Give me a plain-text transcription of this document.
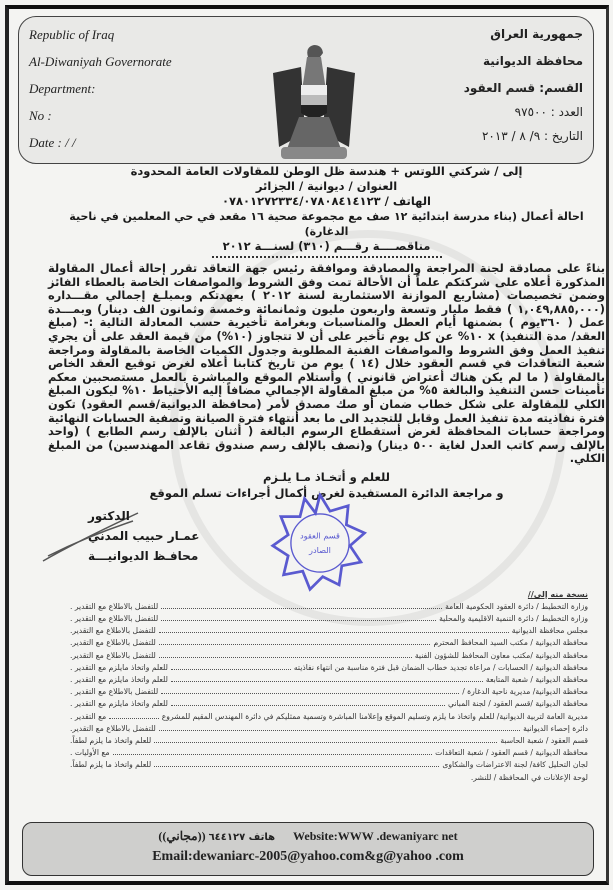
Republic of Iraq
Al-Diwaniyah Governorate
Department:
No :
Date : / /
جمهورية العراق
محافظة الديوانية
القسم: قسم العقود
العدد : ٩٧٥٠٠
التاريخ : ٩/ ٨ / ٢٠١٣
إلى / شركتي اللوتس + هندسة ظل الوطن للمقاولات العامة المحدودة
العنوان / ديوانية / الجزائر
الهاتف / ٠٧٨٠١٢٧٢٣٣٤/٠٧٨٠٨٤١٤١٢٣
احالة أعمال (بناء مدرسة ابتدائية ١٢ صف مع مجموعة صحية ١٦ مقعد في حي المعلمين في ناحية الدغارة)
مناقصــــة رقـــم (٣١٠) لسنـــة ٢٠١٢
بناءً على مصادقة لجنة المراجعة والمصادقة وموافقة رئيس جهة التعاقد تقرر إحالة أعمال المقاولة المذكورة أعلاه على شركتكم علماً أن الأحالة تمت وفق الشروط والمواصفات الخاصة بالعطاء الفائز وضمن تخصيصات (مشاريع الموازنة الاستثمارية لسنة ٢٠١٢ ) بعهدتكم وبمبلـغ إجمالي مقـــداره (١,٠٤٩,٨٨٥,٠٠٠ ) فقط مليار وتسعة واربعون مليون وثمانمائة وخمسة وثمانون الف دينار) وبمـــدة عمل ( ٣٦٠يوم ) بضمنها أيام العطل والمناسبات وبغرامة تأخيرية حسب المعادلة التالية :- (مبلغ العقد/ مدة التنفيذ) x ١٠% عن كل يوم تأخير على أن لا تتجاوز (١٠%) من قيمة العقد على أن يجري تنفيذ العمل وفق الشروط والمواصفات الفنية المطلوبة وجدول الكميات الخاصة بالمقاولة ومراجعة شعبة التعاقدات في قسم العقود خلال (١٤ ) يوم من تاريخ كتابنا أعلاه لغرض توقيع العقد الخاص بالمقاولة ( ما لم يكن هناك أعتراض قانوني ) وأستلام الموقع والمباشرة بالعمل مستصحبين معكم تأمينات حسن التنفيذ والبالغة ٥% من مبلغ المقاولة الإجمالي مضافاً إليه الأحتياط ١٠% ليكون المبلغ الكلي للمقاولة على شكل خطاب ضمان أو صك مصدق لأمر (محافظة الديوانية/قسم العقود) تكون فترة نفاذيته مدة تنفيذ العمل وقابل للتجديد الى ما بعد أنتهاء فترة الصيانة وتصفية الحسابات النهائية ومراجعة حسابات المحافظة لغرض أستقطاع الرسوم البالغة ( أثنان بالإلف رسم الطابع ) (واحد بالإلف رسم كاتب العدل لغاية ٥٠٠ دينار) و(نصف بالإلف رسم صندوق تقاعد المهندسين) من المبلغ الكلي.
للعلم و أتخـاذ مـا يلـزم
و مراجعة الدائرة المستفيدة لغرض أكمال أجراءات تسلم الموقع
الدكتور
عمـار حبيب المدني
محافـظ الديوانيـــة
قسم العقود
الصادر
نسخة منه إلى//
وزارة التخطيط / دائرة العقود الحكومية العامة
للتفضل بالاطلاع مع التقدير .
وزارة التخطيط / دائرة التنمية الاقليمية والمحلية
للتفضل بالاطلاع مع التقدير .
مجلس محافظة الديوانية
للتفضل بالاطلاع مع التقدير.
محافظة الديوانية / مكتب السيد المحافظ المحترم
للتفضل بالاطلاع مع التقدير.
محافظة الديوانية /مكتب معاون المحافظ للشؤون الفنية
للتفضل بالاطلاع مع التقدير.
محافظة الديوانية / الحسابات / مراعاة تجديد خطاب الضمان قبل فترة مناسبة من انتهاء نفاذيته
للعلم واتخاذ مايلزم مع التقدير .
محافظة الديوانية / شعبة المتابعة
للعلم واتخاذ مايلزم مع التقدير .
محافظة الديوانية/ مديرية ناحية الدغارة /
للتفضل بالاطلاع مع التقدير .
محافظة الديوانية /قسم العقود / لجنة المباني
للعلم واتخاذ مايلزم مع التقدير .
مديرية العامة لتربية الديوانية/ للعلم واتخاذ ما يلزم وتسليم الموقع وإعلامنا المباشرة وتسمية ممثليكم في دائرة المهندس المقيم للمشروع
مع التقدير .
دائرة إحصاء الديوانية
للتفضل بالاطلاع مع التقدير.
قسم العقود / شعبة الحاسبة
للعلم واتخاذ ما يلزم لطفاً.
محافظة الديوانية / قسم العقود / شعبة التعاقدات
مع الأوليات .
لجان التحليل كافة/ لجنة الاعتراضات والشكاوى
للعلم واتخاذ ما يلزم لطفاً.
لوحة الإعلانات في المحافظة / للنشر.
هاتف ٦٤٤١٢٧ ((مجاني))Website:WWW .dewaniyarc net
Email:dewaniarc-2005@yahoo.com&g@yahoo .com
